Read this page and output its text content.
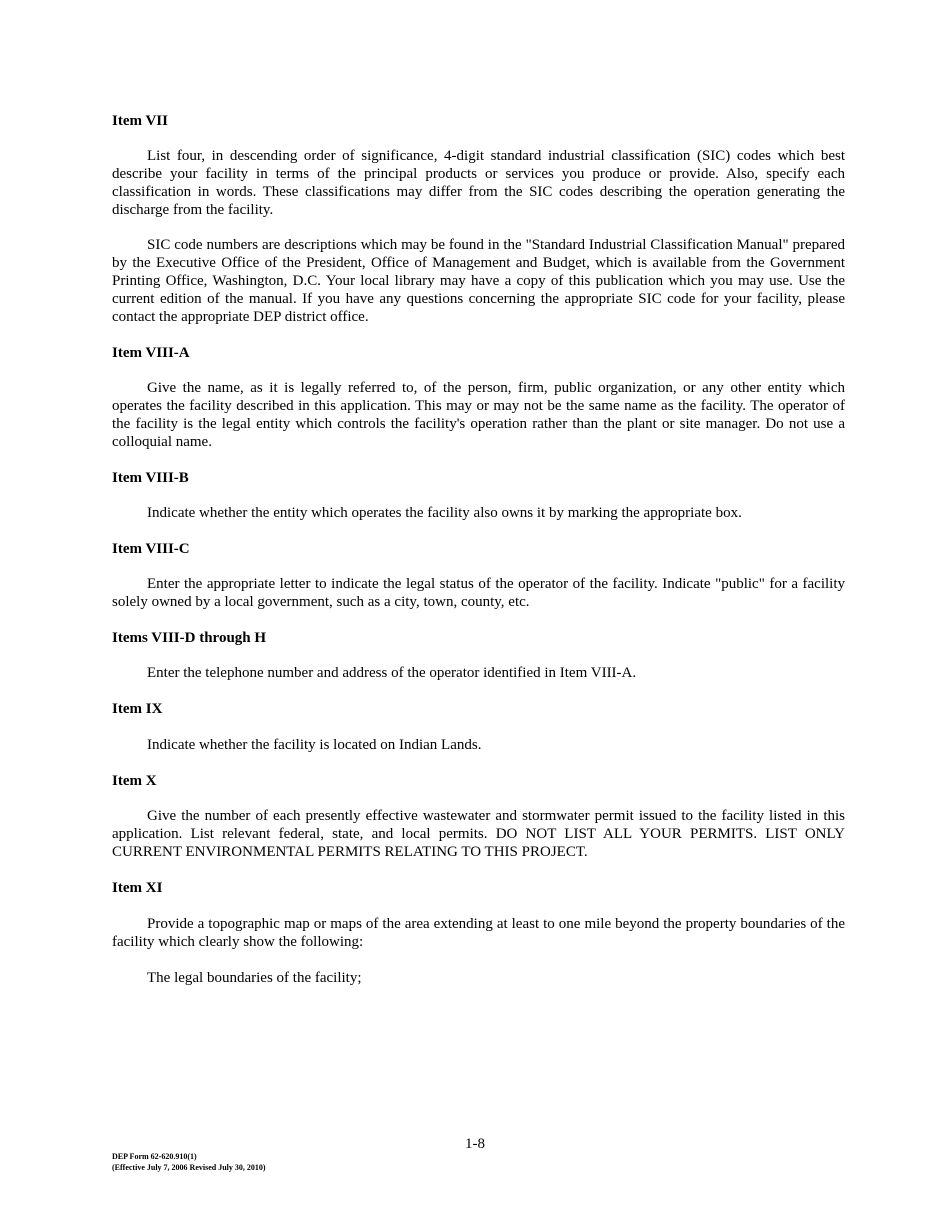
Item VII
List four, in descending order of significance, 4-digit standard industrial classification (SIC) codes which best describe your facility in terms of the principal products or services you produce or provide. Also, specify each classification in words. These classifications may differ from the SIC codes describing the operation generating the discharge from the facility.
SIC code numbers are descriptions which may be found in the "Standard Industrial Classification Manual" prepared by the Executive Office of the President, Office of Management and Budget, which is available from the Government Printing Office, Washington, D.C. Your local library may have a copy of this publication which you may use. Use the current edition of the manual. If you have any questions concerning the appropriate SIC code for your facility, please contact the appropriate DEP district office.
Item VIII-A
Give the name, as it is legally referred to, of the person, firm, public organization, or any other entity which operates the facility described in this application. This may or may not be the same name as the facility. The operator of the facility is the legal entity which controls the facility's operation rather than the plant or site manager. Do not use a colloquial name.
Item VIII-B
Indicate whether the entity which operates the facility also owns it by marking the appropriate box.
Item VIII-C
Enter the appropriate letter to indicate the legal status of the operator of the facility. Indicate "public" for a facility solely owned by a local government, such as a city, town, county, etc.
Items VIII-D through H
Enter the telephone number and address of the operator identified in Item VIII-A.
Item IX
Indicate whether the facility is located on Indian Lands.
Item X
Give the number of each presently effective wastewater and stormwater permit issued to the facility listed in this application. List relevant federal, state, and local permits. DO NOT LIST ALL YOUR PERMITS. LIST ONLY CURRENT ENVIRONMENTAL PERMITS RELATING TO THIS PROJECT.
Item XI
Provide a topographic map or maps of the area extending at least to one mile beyond the property boundaries of the facility which clearly show the following:
The legal boundaries of the facility;
1-8
DEP Form 62-620.910(1)
(Effective July 7, 2006 Revised July 30, 2010)
